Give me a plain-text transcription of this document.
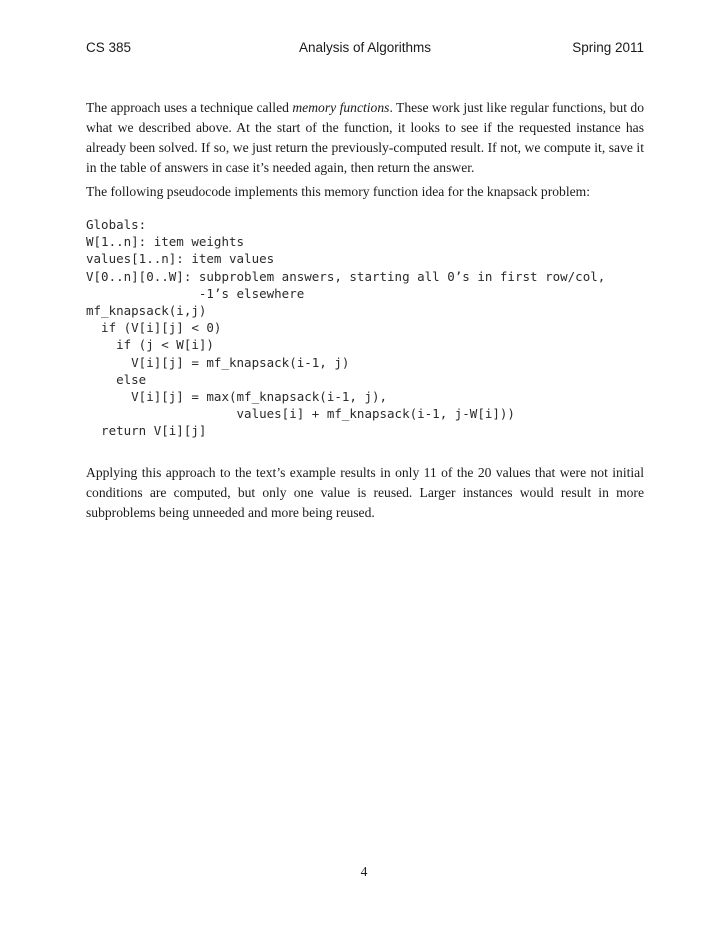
CS 385	Analysis of Algorithms	Spring 2011
The approach uses a technique called memory functions. These work just like regular functions, but do what we described above. At the start of the function, it looks to see if the requested instance has already been solved. If so, we just return the previously-computed result. If not, we compute it, save it in the table of answers in case it’s needed again, then return the answer.
The following pseudocode implements this memory function idea for the knapsack problem:
Globals:
W[1..n]: item weights
values[1..n]: item values
V[0..n][0..W]: subproblem answers, starting all 0’s in first row/col,
-1’s elsewhere
mf_knapsack(i,j)
if (V[i][j] < 0)
if (j < W[i])
V[i][j] = mf_knapsack(i-1, j)
else
V[i][j] = max(mf_knapsack(i-1, j),
values[i] + mf_knapsack(i-1, j-W[i]))
return V[i][j]
Applying this approach to the text’s example results in only 11 of the 20 values that were not initial conditions are computed, but only one value is reused. Larger instances would result in more subproblems being unneeded and more being reused.
4
